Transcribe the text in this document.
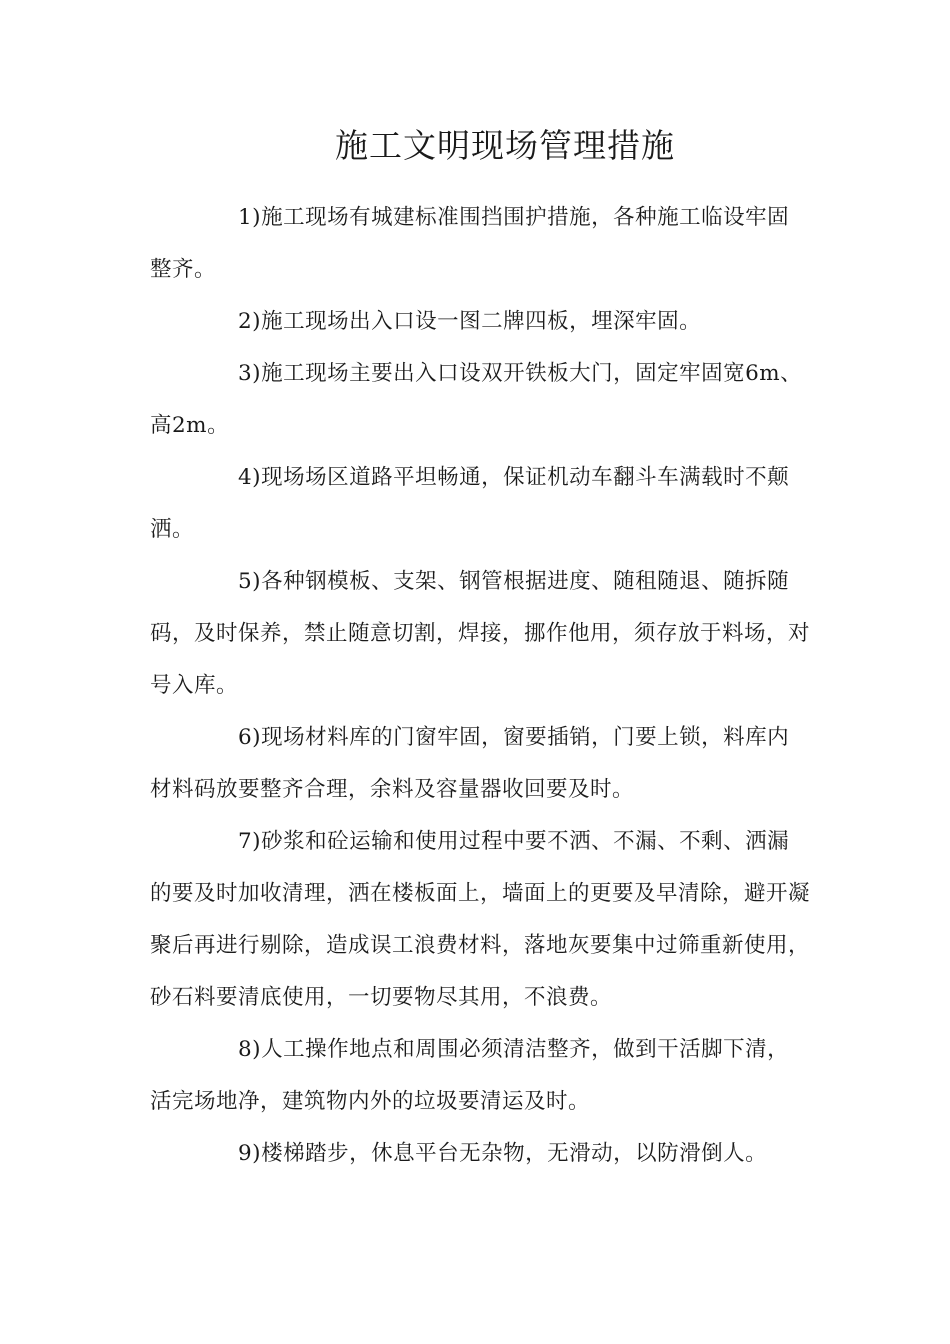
施工文明现场管理措施

1)施工现场有城建标准围挡围护措施，各种施工临设牢固整齐。

2)施工现场出入口设一图二牌四板，埋深牢固。

3)施工现场主要出入口设双开铁板大门，固定牢固宽6m、高2m。

4)现场场区道路平坦畅通，保证机动车翻斗车满载时不颠洒。

5)各种钢模板、支架、钢管根据进度、随租随退、随拆随码，及时保养，禁止随意切割，焊接，挪作他用，须存放于料场，对号入库。

6)现场材料库的门窗牢固，窗要插销，门要上锁，料库内材料码放要整齐合理，余料及容量器收回要及时。

7)砂浆和砼运输和使用过程中要不洒、不漏、不剩、洒漏的要及时加收清理，洒在楼板面上，墙面上的更要及早清除，避开凝聚后再进行剔除，造成误工浪费材料，落地灰要集中过筛重新使用，砂石料要清底使用，一切要物尽其用，不浪费。

8)人工操作地点和周围必须清洁整齐，做到干活脚下清，活完场地净，建筑物内外的垃圾要清运及时。

9)楼梯踏步，休息平台无杂物，无滑动，以防滑倒人。
